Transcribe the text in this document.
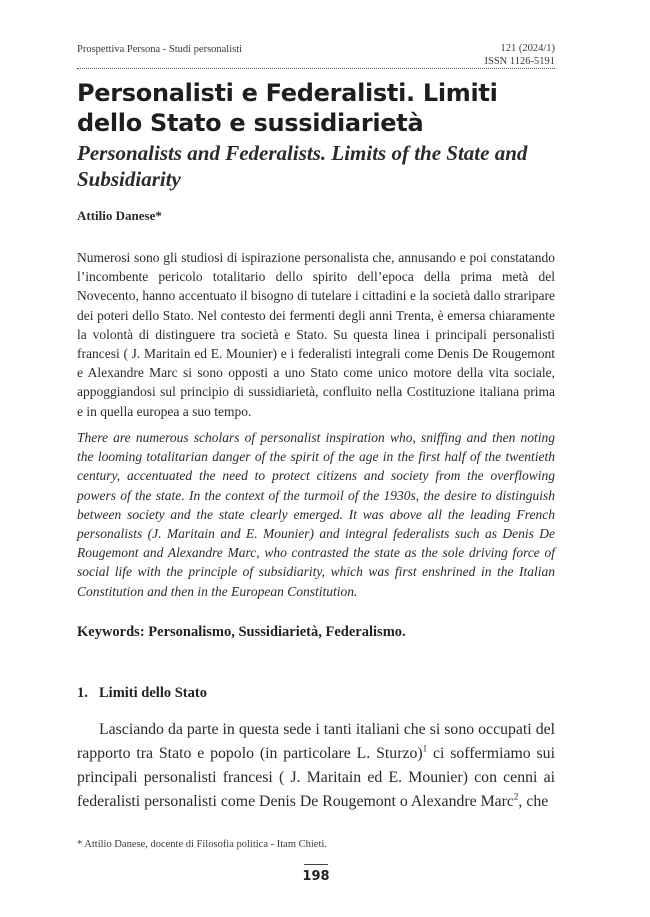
Prospettiva Persona - Studi personalisti	121 (2024/1)
ISSN 1126-5191
Personalisti e Federalisti. Limiti dello Stato e sussidiarietà
Personalists and Federalists. Limits of the State and Subsidiarity
Attilio Danese*

Numerosi sono gli studiosi di ispirazione personalista che, annusando e poi constatando l’incombente pericolo totalitario dello spirito dell’epoca della prima metà del Novecento, hanno accentuato il bisogno di tutelare i cittadini e la società dallo straripare dei poteri dello Stato. Nel contesto dei fermenti degli anni Trenta, è emersa chiaramente la volontà di distinguere tra società e Stato. Su questa linea i principali personalisti francesi ( J. Maritain ed E. Mounier) e i federalisti integrali come Denis De Rougemont e Alexandre Marc si sono opposti a uno Stato come unico motore della vita sociale, appoggiandosi sul principio di sussidiarietà, confluito nella Costituzione italiana prima e in quella europea a suo tempo.

There are numerous scholars of personalist inspiration who, sniffing and then noting the looming totalitarian danger of the spirit of the age in the first half of the twentieth century, accentuated the need to protect citizens and society from the overflowing powers of the state. In the context of the turmoil of the 1930s, the desire to distinguish between society and the state clearly emerged. It was above all the leading French personalists (J. Maritain and E. Mounier) and integral federalists such as Denis De Rougemont and Alexandre Marc, who contrasted the state as the sole driving force of social life with the principle of subsidiarity, which was first enshrined in the Italian Constitution and then in the European Constitution.

Keywords: Personalismo, Sussidiarietà, Federalismo.
1. Limiti dello Stato

Lasciando da parte in questa sede i tanti italiani che si sono occupati del rapporto tra Stato e popolo (in particolare L. Sturzo)$^1$ ci soffermiamo sui principali personalisti francesi ( J. Maritain ed E. Mounier) con cenni ai federalisti personalisti come Denis De Rougemont o Alexandre Marc$^2$, che

* Attilio Danese, docente di Filosofia politica - Itam Chieti.
198
